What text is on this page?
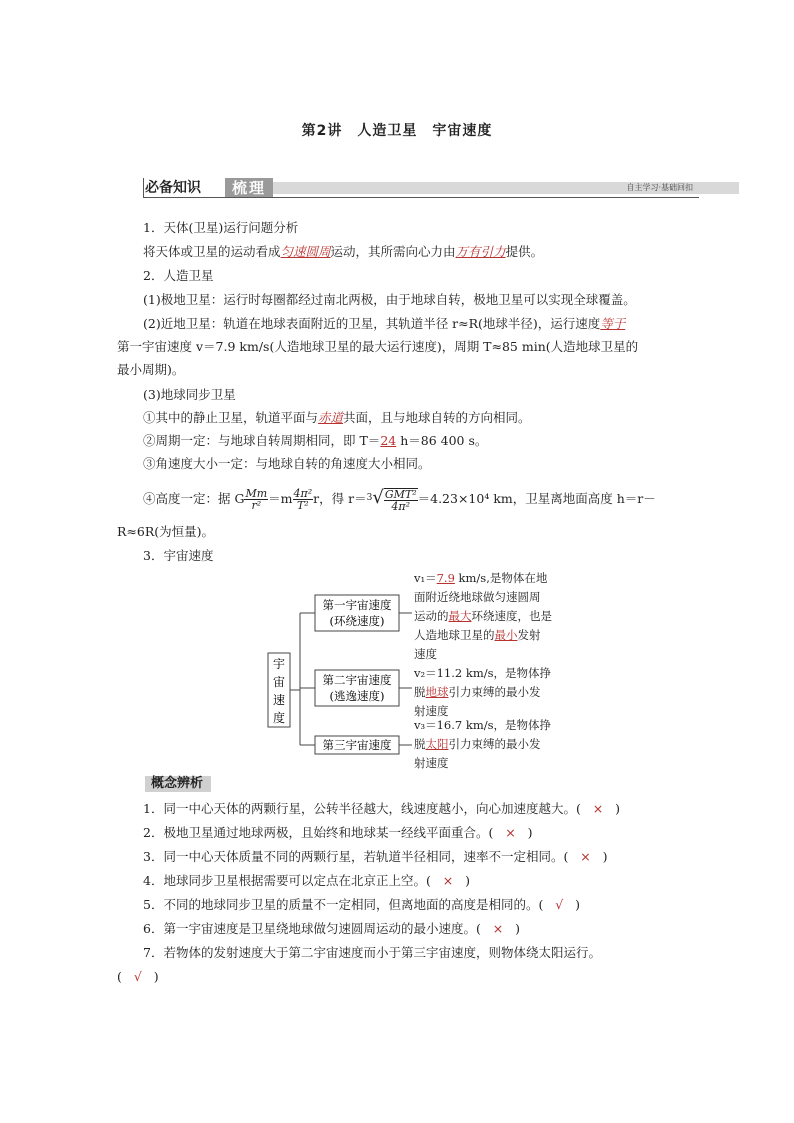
第2讲　人造卫星　宇宙速度
必备知识	梳理	自主学习·基础回扣
1．天体(卫星)运行问题分析
将天体或卫星的运动看成匀速圆周运动，其所需向心力由万有引力提供。
2．人造卫星
(1)极地卫星：运行时每圈都经过南北两极，由于地球自转，极地卫星可以实现全球覆盖。
(2)近地卫星：轨道在地球表面附近的卫星，其轨道半径 r≈R(地球半径)，运行速度等于
第一宇宙速度 v＝7.9 km/s(人造地球卫星的最大运行速度)，周期 T≈85 min(人造地球卫星的
最小周期)。
(3)地球同步卫星
①其中的静止卫星，轨道平面与赤道共面，且与地球自转的方向相同。
②周期一定：与地球自转周期相同，即 T＝24 h＝86 400 s。
③角速度大小一定：与地球自转的角速度大小相同。
④高度一定：据 G $\frac{Mm}{\text{r²}} =m \frac{\text{4π²}}{\text{T²}}$ r，得 $r=^3√ \frac{\text{GMT²}}{\text{4π²}} =4.23\times 10^4$ km，卫星离地面高度 h＝r－
R≈6R(为恒量)。
3．宇宙速度
宇
宙
速
度
第一宇宙速度
(环绕速度)
第二宇宙速度
(逃逸速度)
第三宇宙速度
v₁＝7.9 km/s,是物体在地
面附近绕地球做匀速圆周
运动的最大环绕速度，也是
人造地球卫星的最小发射
速度
v₂＝11.2 km/s，是物体挣
脱地球引力束缚的最小发
射速度
v₃＝16.7 km/s，是物体挣
脱太阳引力束缚的最小发
射速度
概念辨析
1．同一中心天体的两颗行星，公转半径越大，线速度越小，向心加速度越大。( × )
2．极地卫星通过地球两极，且始终和地球某一经线平面重合。( × )
3．同一中心天体质量不同的两颗行星，若轨道半径相同，速率不一定相同。( × )
4．地球同步卫星根据需要可以定点在北京正上空。( × )
5．不同的地球同步卫星的质量不一定相同，但离地面的高度是相同的。( √ )
6．第一宇宙速度是卫星绕地球做匀速圆周运动的最小速度。( × )
7．若物体的发射速度大于第二宇宙速度而小于第三宇宙速度，则物体绕太阳运行。
( √ )
